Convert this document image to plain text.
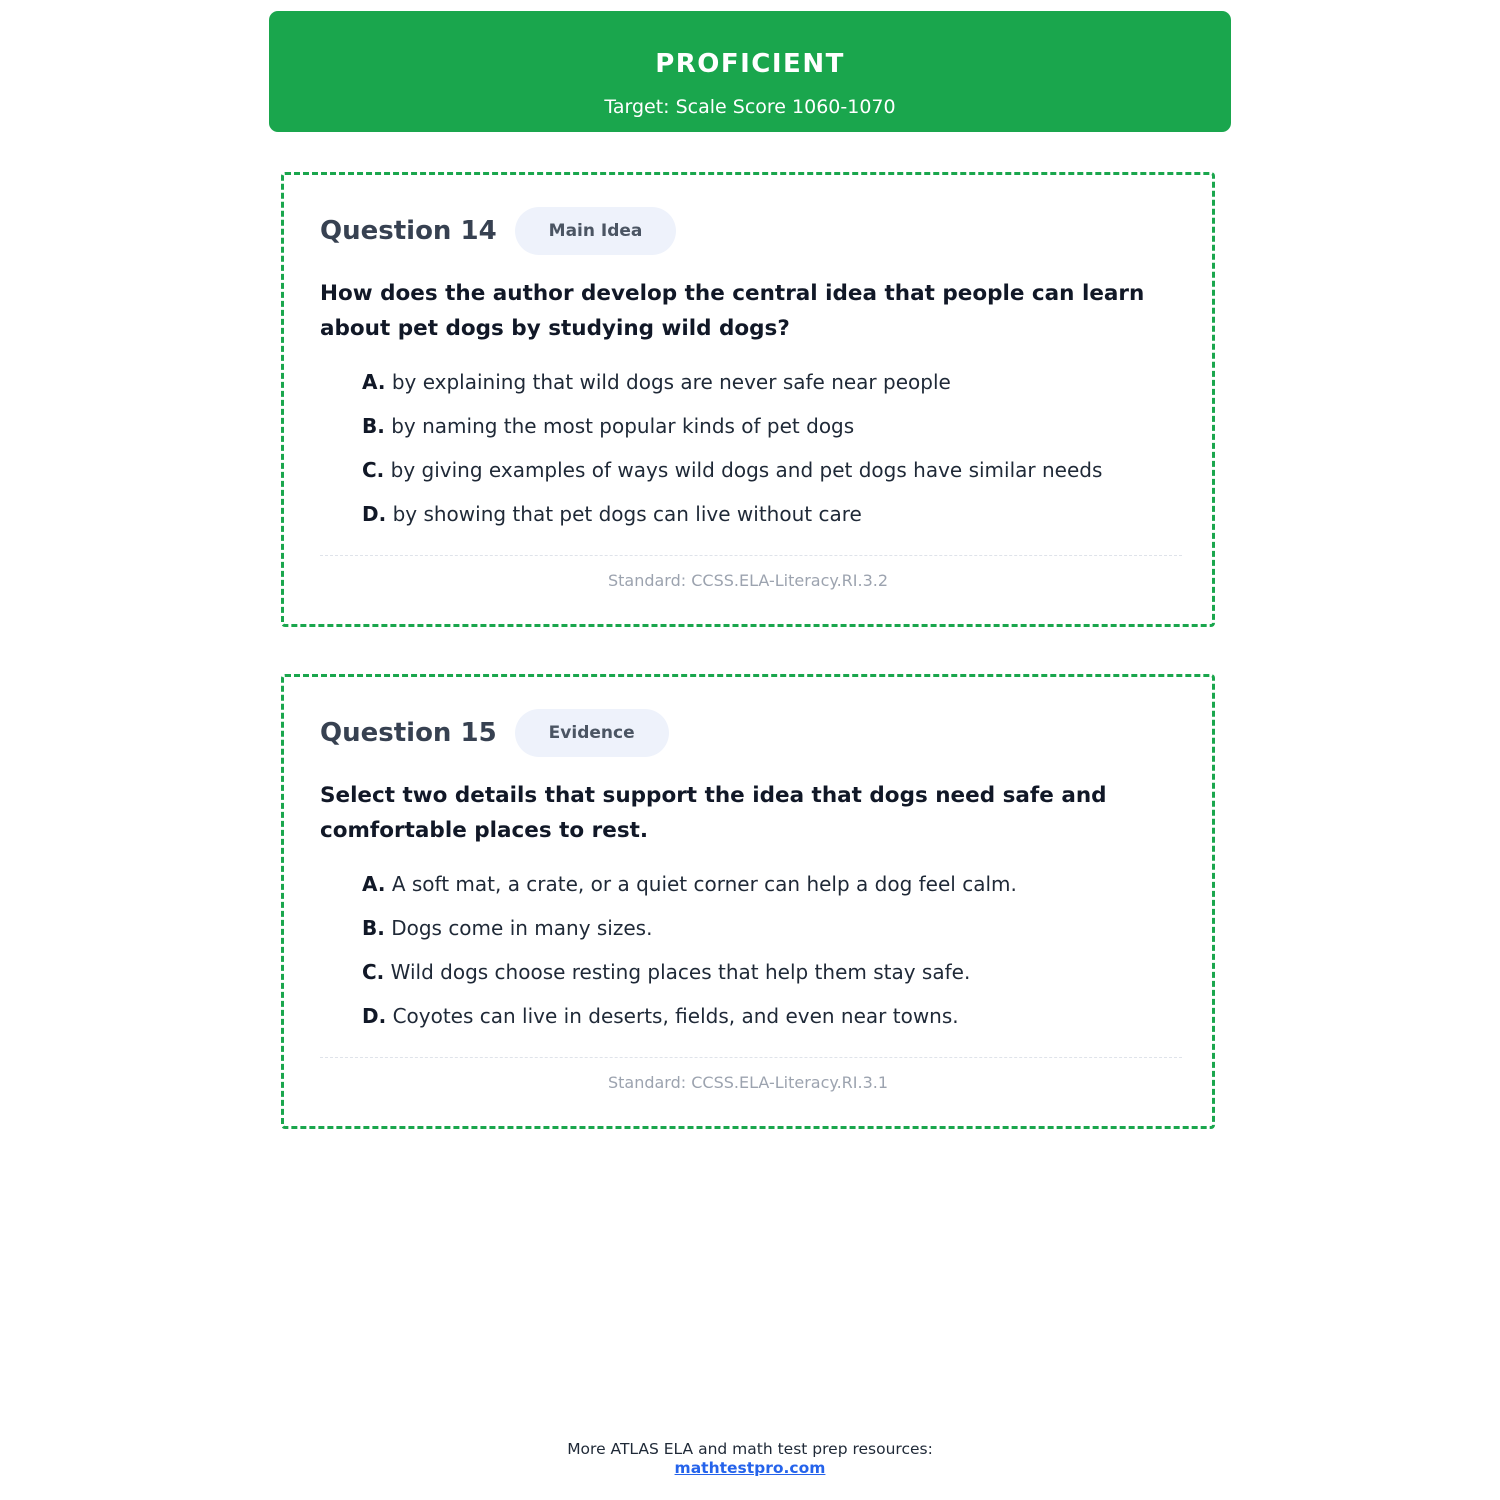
PROFICIENT
Target: Scale Score 1060-1070
Question 14	Main Idea
How does the author develop the central idea that people can learn about pet dogs by studying wild dogs?
A. by explaining that wild dogs are never safe near people
B. by naming the most popular kinds of pet dogs
C. by giving examples of ways wild dogs and pet dogs have similar needs
D. by showing that pet dogs can live without care
Standard: CCSS.ELA-Literacy.RI.3.2
Question 15	Evidence
Select two details that support the idea that dogs need safe and comfortable places to rest.
A. A soft mat, a crate, or a quiet corner can help a dog feel calm.
B. Dogs come in many sizes.
C. Wild dogs choose resting places that help them stay safe.
D. Coyotes can live in deserts, fields, and even near towns.
Standard: CCSS.ELA-Literacy.RI.3.1
More ATLAS ELA and math test prep resources:
mathtestpro.com
